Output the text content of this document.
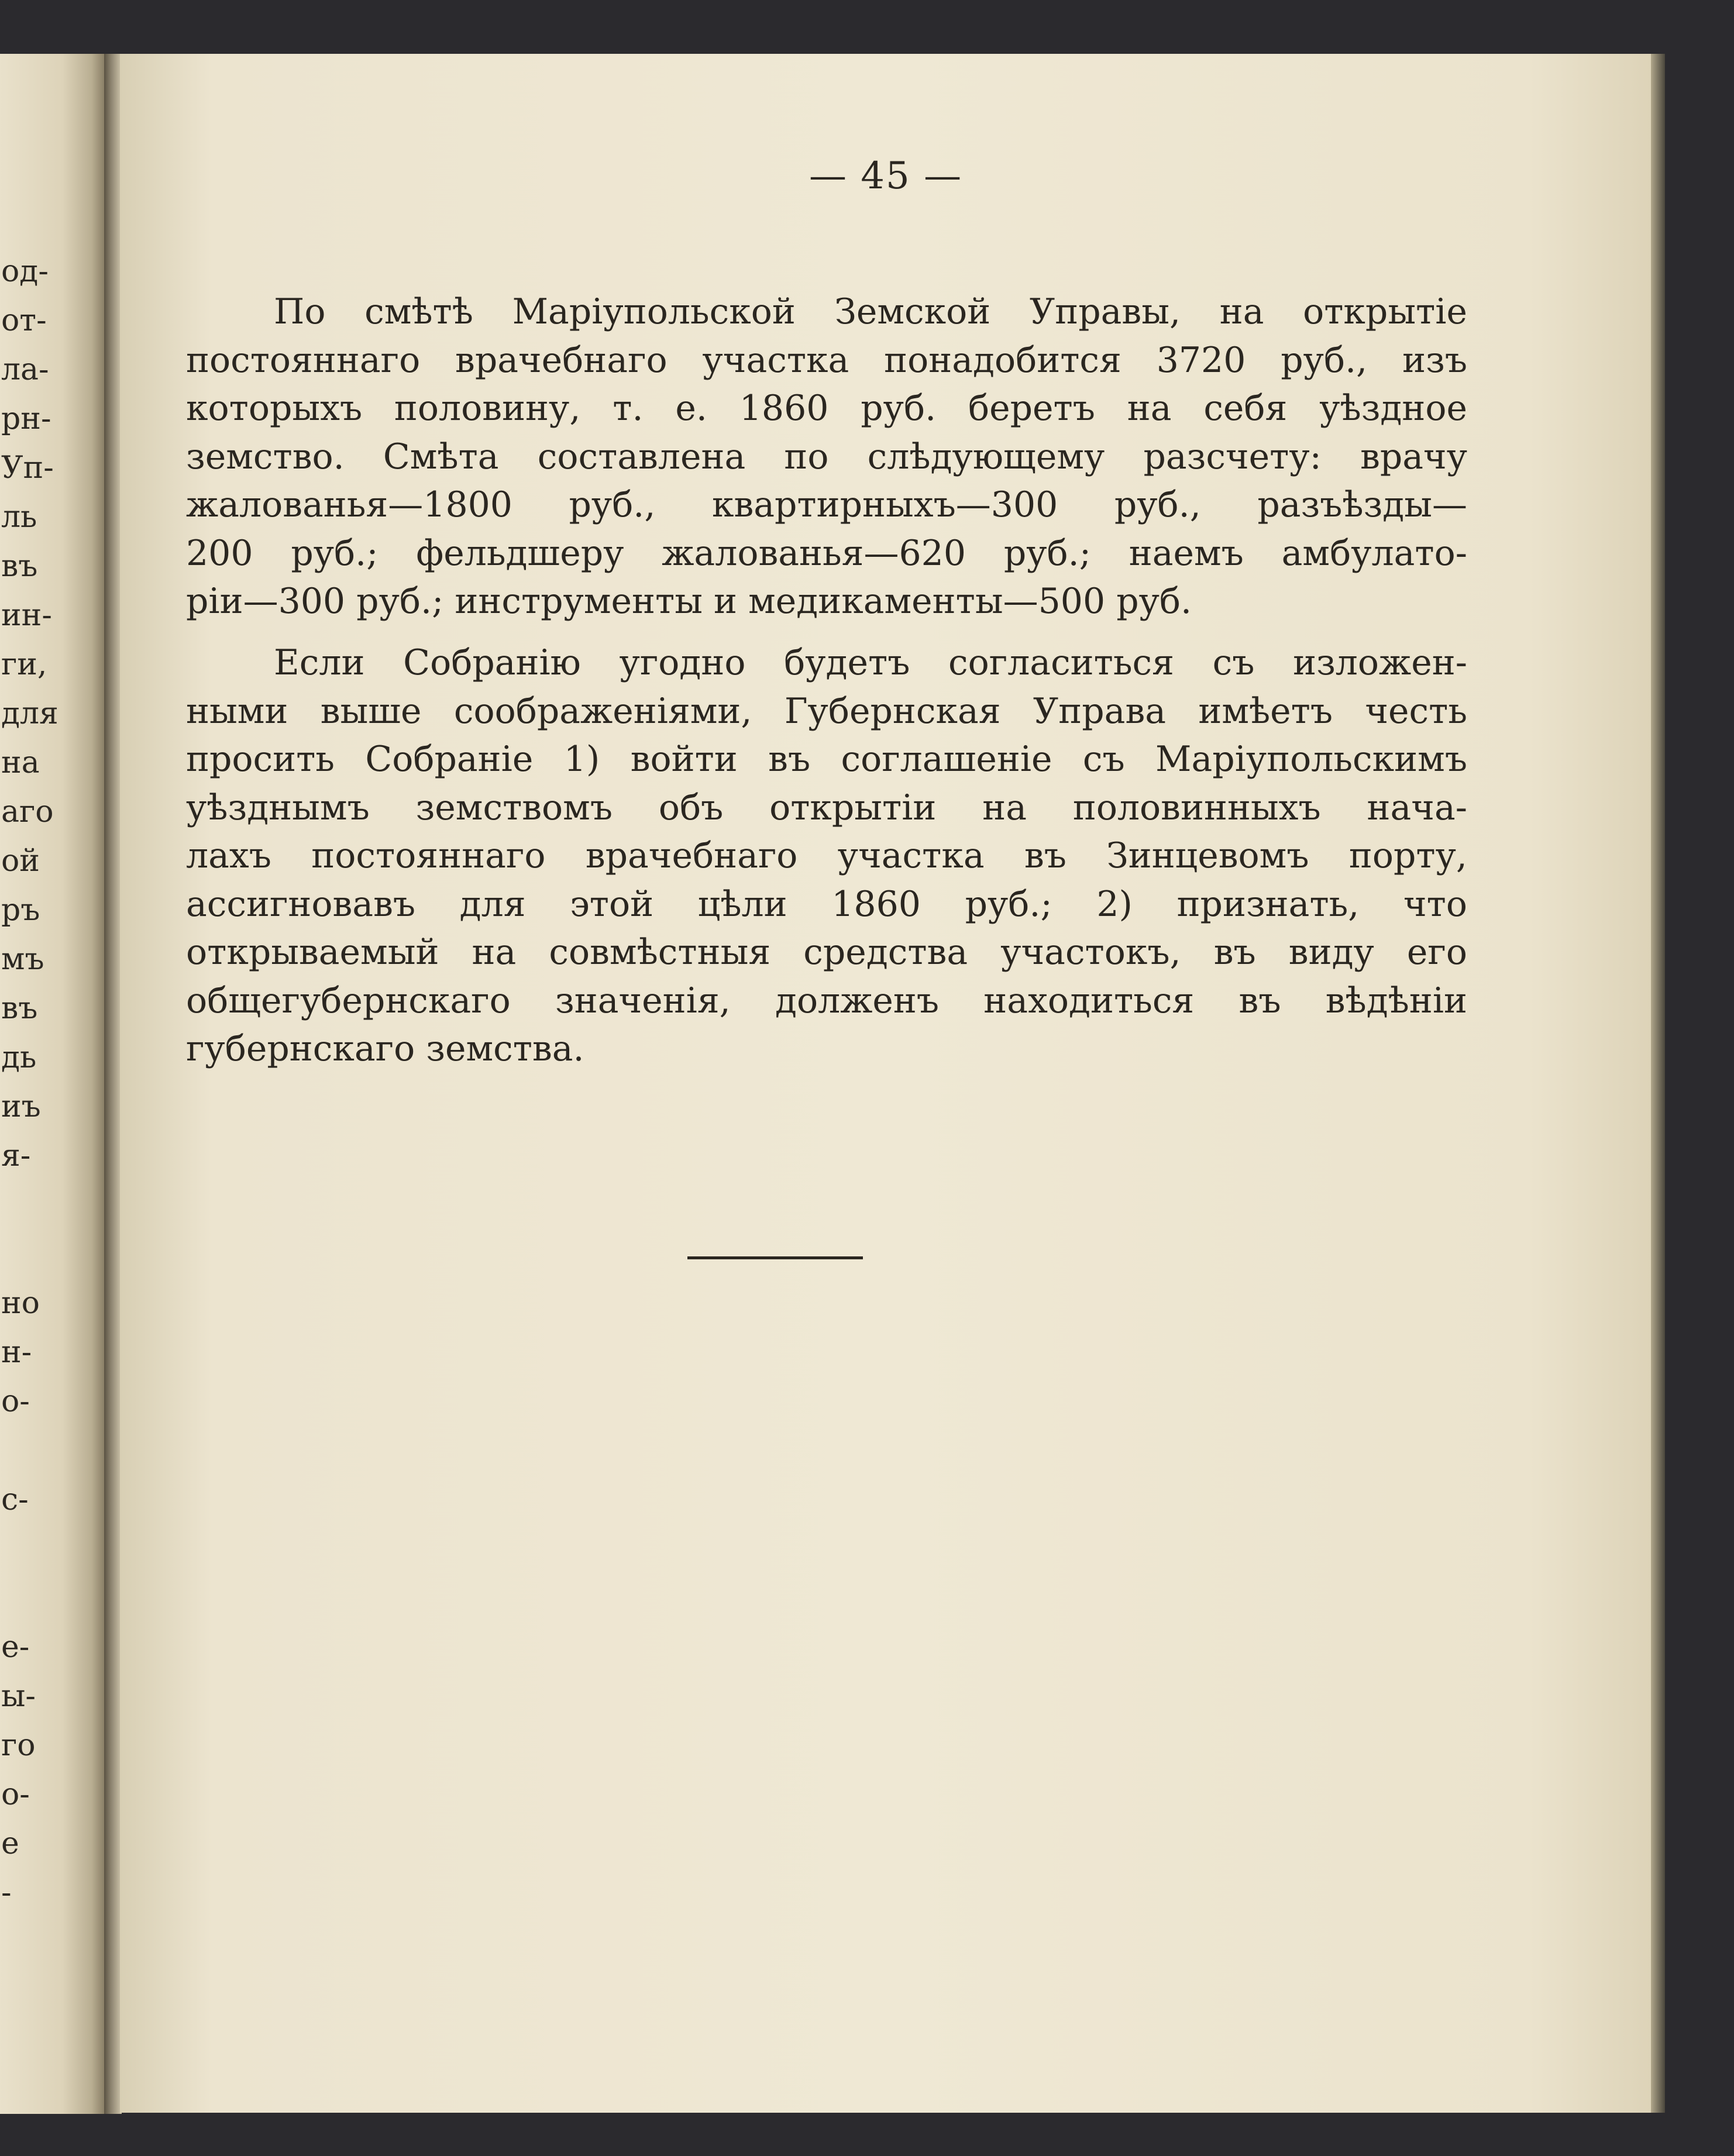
од-
от-
ла-
рн-
Уп-
ль
въ
ин-
ги,
для
на
аго
ой
ръ
мъ
въ
дь
иъ
я-
но
н-
о-
с-
е-
ы-
го
о-
е
-
— 45 —
По смѣтѣ Маріупольской Земской Управы, на открытіе
постояннаго врачебнаго участка понадобится 3720 руб., изъ
которыхъ половину, т. е. 1860 руб. беретъ на себя уѣздное
земство. Смѣта составлена по слѣдующему разсчету: врачу
жалованья—1800 руб., квартирныхъ—300 руб., разъѣзды—
200 руб.; фельдшеру жалованья—620 руб.; наемъ амбулато-
ріи—300 руб.; инструменты и медикаменты—500 руб.
Если Собранію угодно будетъ согласиться съ изложен-
ными выше соображеніями, Губернская Управа имѣетъ честь
просить Собраніе 1) войти въ соглашеніе съ Маріупольскимъ
уѣзднымъ земствомъ объ открытіи на половинныхъ нача-
лахъ постояннаго врачебнаго участка въ Зинцевомъ порту,
ассигновавъ для этой цѣли 1860 руб.; 2) признать, что
открываемый на совмѣстныя средства участокъ, въ виду его
общегубернскаго значенія, долженъ находиться въ вѣдѣніи
губернскаго земства.
